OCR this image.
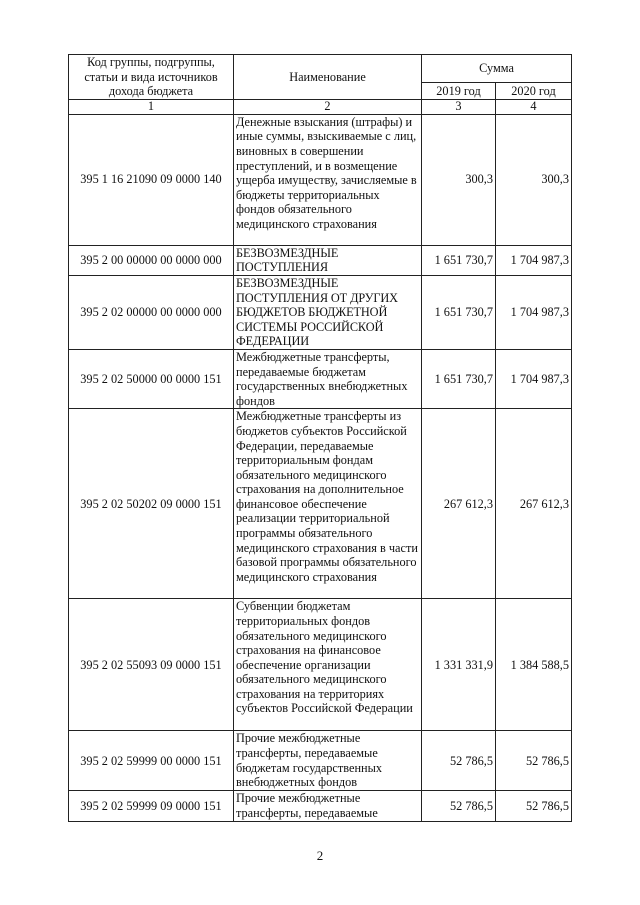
Код группы, подгруппы, статьи и вида источников дохода бюджета	Наименование	Сумма	
		2019 год	2020 год
1	2	3	4
395 1 16 21090 09 0000 140	Денежные взыскания (штрафы) и иные суммы, взыскиваемые с лиц, виновных в совершении преступлений, и в возмещение ущерба имуществу, зачисляемые в бюджеты территориальных фондов обязательного медицинского страхования	300,3	300,3
395 2 00 00000 00 0000 000	БЕЗВОЗМЕЗДНЫЕ ПОСТУПЛЕНИЯ	1 651 730,7	1 704 987,3
395 2 02 00000 00 0000 000	БЕЗВОЗМЕЗДНЫЕ ПОСТУПЛЕНИЯ ОТ ДРУГИХ БЮДЖЕТОВ БЮДЖЕТНОЙ СИСТЕМЫ РОССИЙСКОЙ ФЕДЕРАЦИИ	1 651 730,7	1 704 987,3
395 2 02 50000 00 0000 151	Межбюджетные трансферты, передаваемые бюджетам государственных внебюджетных фондов	1 651 730,7	1 704 987,3
395 2 02 50202 09 0000 151	Межбюджетные трансферты из бюджетов субъектов Российской Федерации, передаваемые территориальным фондам обязательного медицинского страхования на дополнительное финансовое обеспечение реализации территориальной программы обязательного медицинского страхования в части базовой программы обязательного медицинского страхования	267 612,3	267 612,3
395 2 02 55093 09 0000 151	Субвенции бюджетам территориальных фондов обязательного медицинского страхования на финансовое обеспечение организации обязательного медицинского страхования на территориях субъектов Российской Федерации	1 331 331,9	1 384 588,5
395 2 02 59999 00 0000 151	Прочие межбюджетные трансферты, передаваемые бюджетам государственных внебюджетных фондов	52 786,5	52 786,5
395 2 02 59999 09 0000 151	Прочие межбюджетные трансферты, передаваемые	52 786,5	52 786,5
2
